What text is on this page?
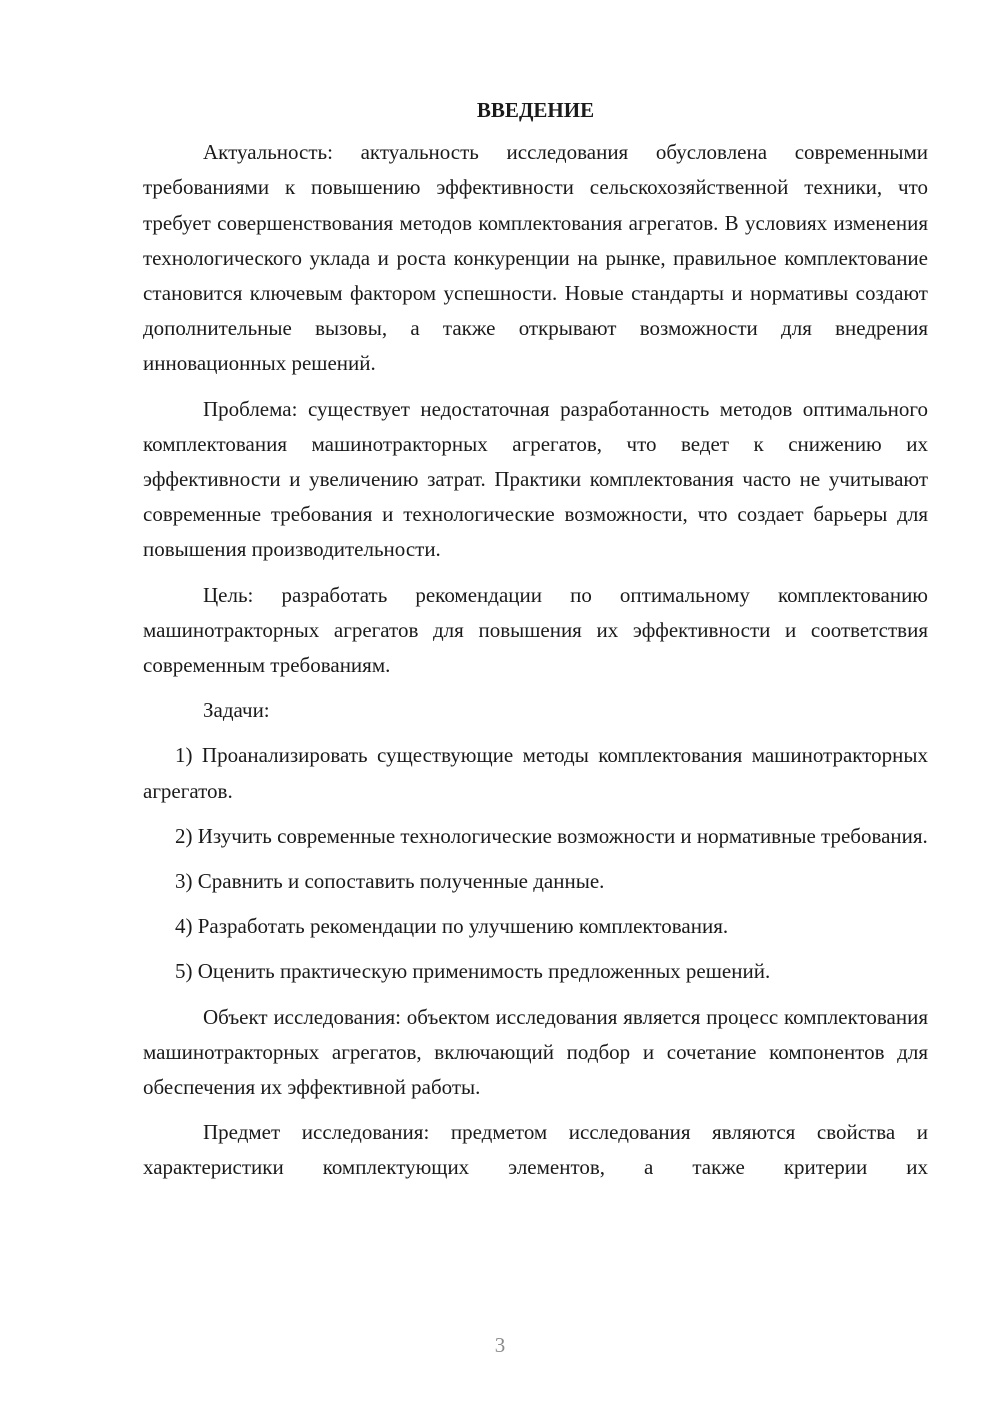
ВВЕДЕНИЕ

Актуальность: актуальность исследования обусловлена современными требованиями к повышению эффективности сельскохозяйственной техники, что требует совершенствования методов комплектования агрегатов. В условиях изменения технологического уклада и роста конкуренции на рынке, правильное комплектование становится ключевым фактором успешности. Новые стандарты и нормативы создают дополнительные вызовы, а также открывают возможности для внедрения инновационных решений.

Проблема: существует недостаточная разработанность методов оптимального комплектования машинотракторных агрегатов, что ведет к снижению их эффективности и увеличению затрат. Практики комплектования часто не учитывают современные требования и технологические возможности, что создает барьеры для повышения производительности.

Цель: разработать рекомендации по оптимальному комплектованию машинотракторных агрегатов для повышения их эффективности и соответствия современным требованиям.

Задачи:

1) Проанализировать существующие методы комплектования машинотракторных агрегатов.

2) Изучить современные технологические возможности и нормативные требования.

3) Сравнить и сопоставить полученные данные.

4) Разработать рекомендации по улучшению комплектования.

5) Оценить практическую применимость предложенных решений.

Объект исследования: объектом исследования является процесс комплектования машинотракторных агрегатов, включающий подбор и сочетание компонентов для обеспечения их эффективной работы.

Предмет исследования: предметом исследования являются свойства и характеристики комплектующих элементов, а также критерии их

3
